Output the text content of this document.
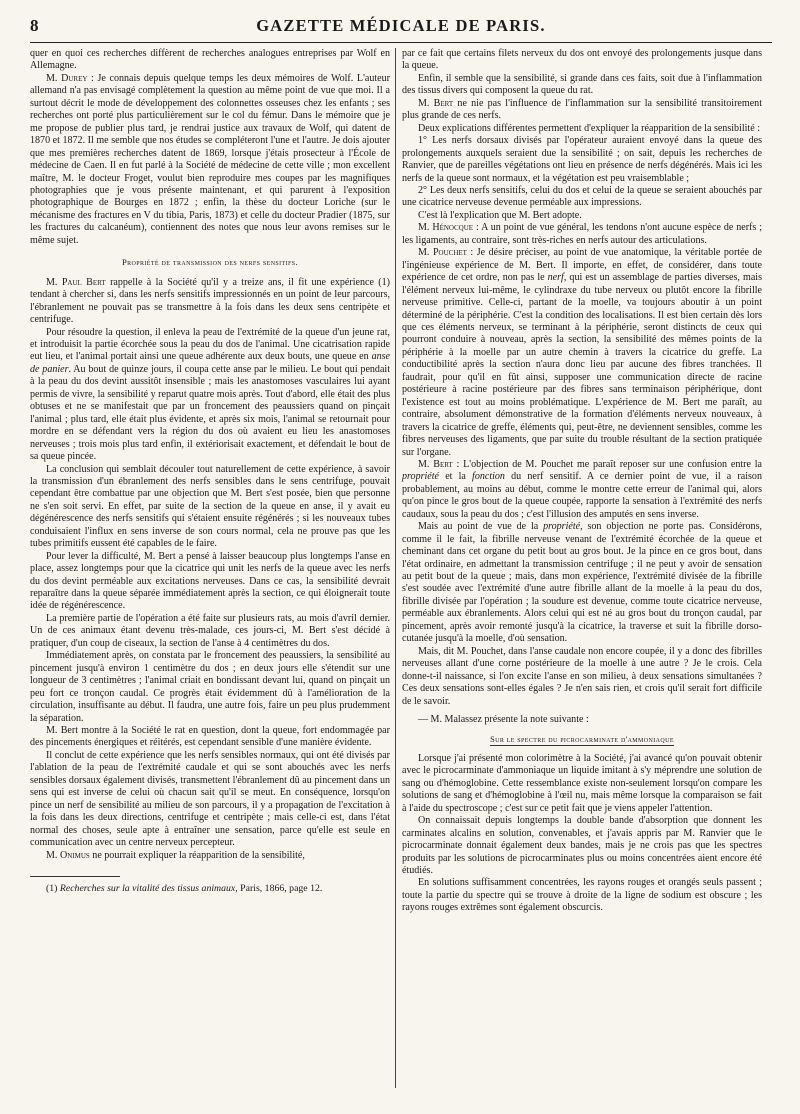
8	GAZETTE MÉDICALE DE PARIS.

quer en quoi ces recherches diffèrent de recherches analogues entreprises par Wolf en Allemagne.

M. Durey : Je connais depuis quelque temps les deux mémoires de Wolf. L'auteur allemand n'a pas envisagé complètement la question au même point de vue que moi. Il a surtout décrit le mode de développement des colonnettes osseuses chez les enfants ; ses recherches ont porté plus particulièrement sur le col du fémur. Dans le mémoire que je me propose de publier plus tard, je rendrai justice aux travaux de Wolf, qui datent de 1870 et 1872. Il me semble que nos études se compléteront l'une et l'autre. Je dois ajouter que mes premières recherches datent de 1869, lorsque j'étais prosecteur à l'École de médecine de Caen. Il en fut parlé à la Société de médecine de cette ville ; mon excellent maître, M. le docteur Froget, voulut bien reproduire mes coupes par les magnifiques photographies que je vous présente maintenant, et qui parurent à l'exposition photographique de Bourges en 1872 ; enfin, la thèse du docteur Loriche (sur le mécanisme des fractures en V du tibia, Paris, 1873) et celle du docteur Pradier (1875, sur les fractures du calcanéum), contiennent des notes que nous leur avons remises sur le même sujet.

Propriété de transmission des nerfs sensitifs.

M. Paul Bert rappelle à la Société qu'il y a treize ans, il fit une expérience (1) tendant à chercher si, dans les nerfs sensitifs impressionnés en un point de leur parcours, l'ébranlement ne pouvait pas se transmettre à la fois dans les deux sens centripète et centrifuge.

Pour résoudre la question, il enleva la peau de l'extrémité de la queue d'un jeune rat, et introduisit la partie écorchée sous la peau du dos de l'animal. Une cicatrisation rapide eut lieu, et l'animal portait ainsi une queue adhérente aux deux bouts, une queue en anse de panier. Au bout de quinze jours, il coupa cette anse par le milieu. Le bout qui pendait à la peau du dos devint aussitôt insensible ; mais les anastomoses vasculaires lui ayant permis de vivre, la sensibilité y reparut quatre mois après. Tout d'abord, elle était des plus obtuses et ne se manifestait que par un froncement des peaussiers quand on pinçait l'animal ; plus tard, elle était plus évidente, et après six mois, l'animal se retournait pour mordre en se défendant vers la région du dos où avaient eu lieu les anastomoses nerveuses ; trois mois plus tard enfin, il extériorisait exactement, et défendait le bout de sa queue pincée.

La conclusion qui semblait découler tout naturellement de cette expérience, à savoir la transmission d'un ébranlement des nerfs sensibles dans le sens centrifuge, pouvait cependant être combattue par une objection que M. Bert s'est posée, bien que personne ne s'en soit servi. En effet, par suite de la section de la queue en anse, il y avait eu dégénérescence des nerfs sensitifs qui s'étaient ensuite régénérés ; si les nouveaux tubes conduisaient l'influx en sens inverse de son cours normal, cela ne prouve pas que les tubes primitifs eussent été capables de le faire.

Pour lever la difficulté, M. Bert a pensé à laisser beaucoup plus longtemps l'anse en place, assez longtemps pour que la cicatrice qui unit les nerfs de la queue avec les nerfs du dos devint perméable aux excitations nerveuses. Dans ce cas, la sensibilité devrait reparaître dans la queue séparée immédiatement après la section, ce qui éloignerait toute idée de régénérescence.

La première partie de l'opération a été faite sur plusieurs rats, au mois d'avril dernier. Un de ces animaux étant devenu très-malade, ces jours-ci, M. Bert s'est décidé à pratiquer, d'un coup de ciseaux, la section de l'anse à 4 centimètres du dos.

Immédiatement après, on constata par le froncement des peaussiers, la sensibilité au pincement jusqu'à environ 1 centimètre du dos ; en deux jours elle s'étendit sur une longueur de 3 centimètres ; l'animal criait en bondissant devant lui, quand on pinçait un peu fort ce tronçon caudal. Ce progrès était évidemment dû à l'amélioration de la circulation, insuffisante au début. Il faudra, une autre fois, faire un peu plus prudemment la séparation.

M. Bert montre à la Société le rat en question, dont la queue, fort endommagée par des pincements énergiques et réitérés, est cependant sensible d'une manière évidente.

Il conclut de cette expérience que les nerfs sensibles normaux, qui ont été divisés par l'ablation de la peau de l'extrémité caudale et qui se sont abouchés avec les nerfs sensibles dorsaux également divisés, transmettent l'ébranlement dû au pincement dans un sens qui est inverse de celui où chacun sait qu'il se meut. En conséquence, lorsqu'on pince un nerf de sensibilité au milieu de son parcours, il y a propagation de l'excitation à la fois dans les deux directions, centrifuge et centripète ; mais celle-ci est, dans l'état normal des choses, seule apte à entraîner une sensation, parce qu'elle est seule en communication avec un centre nerveux percepteur.

M. Onimus ne pourrait expliquer la réapparition de la sensibilité,

(1) Recherches sur la vitalité des tissus animaux, Paris, 1866, page 12.

par ce fait que certains filets nerveux du dos ont envoyé des prolongements jusque dans la queue.

Enfin, il semble que la sensibilité, si grande dans ces faits, soit due à l'inflammation des tissus divers qui composent la queue du rat.

M. Bert ne nie pas l'influence de l'inflammation sur la sensibilité transitoirement plus grande de ces nerfs.

Deux explications différentes permettent d'expliquer la réapparition de la sensibilité :

1° Les nerfs dorsaux divisés par l'opérateur auraient envoyé dans la queue des prolongements auxquels seraient due la sensibilité ; on sait, depuis les recherches de Ranvier, que de pareilles végétations ont lieu en présence de nerfs dégénérés. Mais ici les nerfs de la queue sont normaux, et la végétation est peu vraisemblable ;

2° Les deux nerfs sensitifs, celui du dos et celui de la queue se seraient abouchés par une cicatrice nerveuse devenue perméable aux impressions.

C'est là l'explication que M. Bert adopte.

M. Hénocque : A un point de vue général, les tendons n'ont aucune espèce de nerfs ; les ligaments, au contraire, sont très-riches en nerfs autour des articulations.

M. Pouchet : Je désire préciser, au point de vue anatomique, la véritable portée de l'ingénieuse expérience de M. Bert. Il importe, en effet, de considérer, dans toute expérience de cet ordre, non pas le nerf, qui est un assemblage de parties diverses, mais l'élément nerveux lui-même, le cylindraxe du tube nerveux ou plutôt encore la fibrille nerveuse primitive. Celle-ci, partant de la moelle, va toujours aboutir à un point déterminé de la périphérie. C'est la condition des localisations. Il est bien certain dès lors que ces éléments nerveux, se terminant à la périphérie, seront distincts de ceux qui pourront conduire à nouveau, après la section, la sensibilité des mêmes points de la périphérie à la moelle par un autre chemin à travers la cicatrice du greffe. La conductibilité après la section n'aura donc lieu par aucune des fibres tranchées. Il faudrait, pour qu'il en fût ainsi, supposer une communication directe de racine postérieure à racine postérieure par des fibres sans terminaison périphérique, dont l'existence est tout au moins problématique. L'expérience de M. Bert me paraît, au contraire, absolument démonstrative de la formation d'éléments nerveux nouveaux, à travers la cicatrice de greffe, éléments qui, peut-être, ne deviennent sensibles, comme les fibres nerveuses des ligaments, que par suite du trouble résultant de la section pratiquée sur l'organe.

M. Bert : L'objection de M. Pouchet me paraît reposer sur une confusion entre la propriété et la fonction du nerf sensitif. A ce dernier point de vue, il a raison probablement, au moins au début, comme le montre cette erreur de l'animal qui, alors qu'on pince le gros bout de la queue coupée, rapporte la sensation à l'extrémité des nerfs caudaux, sous la peau du dos ; c'est l'illusion des amputés en sens inverse.

Mais au point de vue de la propriété, son objection ne porte pas. Considérons, comme il le fait, la fibrille nerveuse venant de l'extrémité écorchée de la queue et cheminant dans cet organe du petit bout au gros bout. Je la pince en ce gros bout, dans l'état ordinaire, en admettant la transmission centrifuge ; il ne peut y avoir de sensation au petit bout de la queue ; mais, dans mon expérience, l'extrémité divisée de la fibrille s'est soudée avec l'extrémité d'une autre fibrille allant de la moelle à la peau du dos, fibrille divisée par l'opération ; la soudure est devenue, comme toute cicatrice nerveuse, perméable aux ébranlements. Alors celui qui est né au gros bout du tronçon caudal, par pincement, après avoir remonté jusqu'à la cicatrice, la traverse et suit la fibrille dorso-cutanée jusqu'à la moelle, d'où sensation.

Mais, dit M. Pouchet, dans l'anse caudale non encore coupée, il y a donc des fibrilles nerveuses allant d'une corne postérieure de la moelle à une autre ? Je le crois. Cela donne-t-il naissance, si l'on excite l'anse en son milieu, à deux sensations simultanées ? Ces deux sensations sont-elles égales ? Je n'en sais rien, et crois qu'il serait fort difficile de le savoir.

— M. Malassez présente la note suivante :

Sur le spectre du picrocarminate d'ammoniaque

Lorsque j'ai présenté mon colorimètre à la Société, j'ai avancé qu'on pouvait obtenir avec le picrocarminate d'ammoniaque un liquide imitant à s'y méprendre une solution de sang ou d'hémoglobine. Cette ressemblance existe non-seulement lorsqu'on compare les solutions de sang et d'hémoglobine à l'œil nu, mais même lorsque la comparaison se fait à l'aide du spectroscope ; c'est sur ce petit fait que je viens appeler l'attention.

On connaissait depuis longtemps la double bande d'absorption que donnent les carminates alcalins en solution, convenables, et j'avais appris par M. Ranvier que le picrocarminate donnait également deux bandes, mais je ne crois pas que les spectres produits par les solutions de picrocarminates plus ou moins concentrées aient encore été étudiés.

En solutions suffisamment concentrées, les rayons rouges et orangés seuls passent ; toute la partie du spectre qui se trouve à droite de la ligne de sodium est obscure ; les rayons rouges extrêmes sont également obscurcis.
